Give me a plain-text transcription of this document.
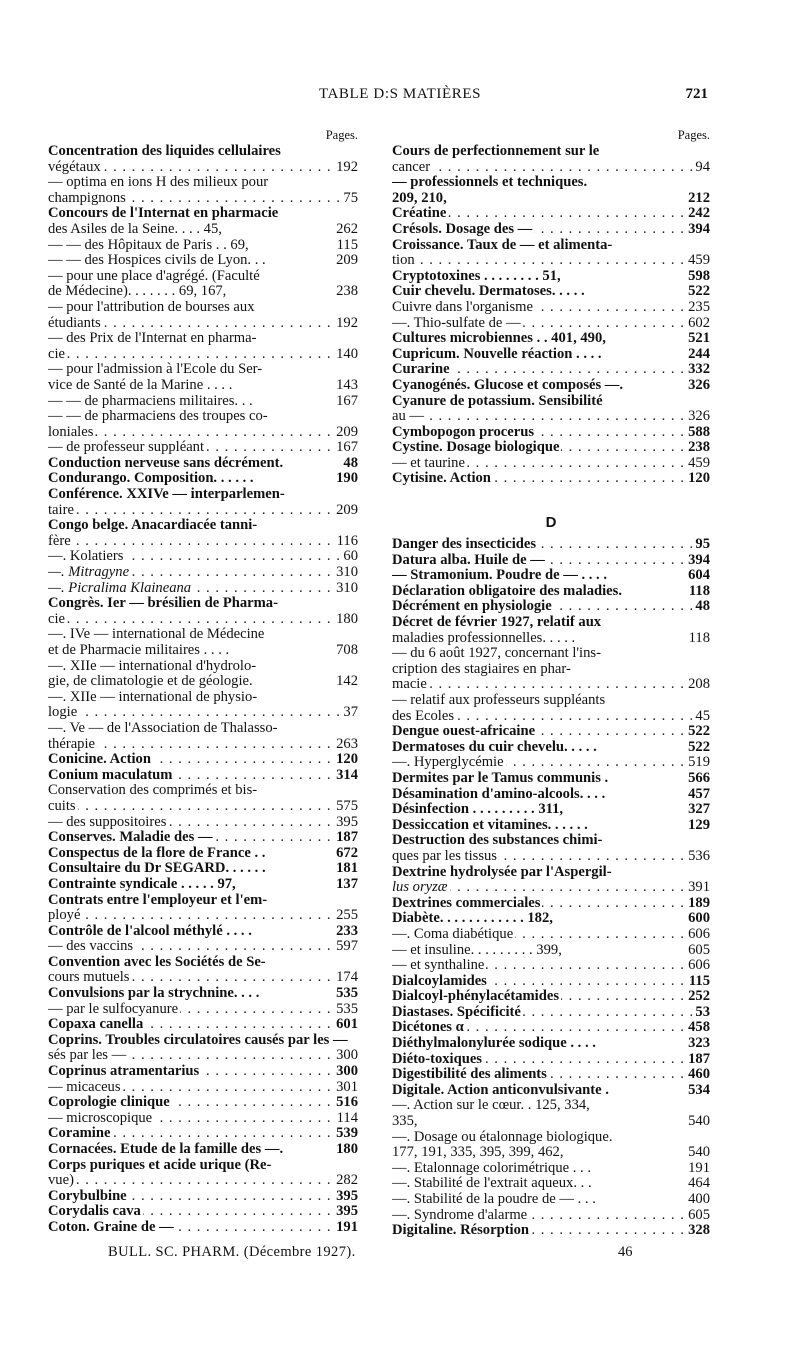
TABLE D:S MATIÈRES	721
Pages.
Concentration des liquides cellulaires
. . . végétaux	192
— optima en ions H des milieux pour
. . . champignons	75
Concours de l'Internat en pharmacie
des Asiles de la Seine. . . . 45,	262
— — des Hôpitaux de Paris . . 69,	115
— — des Hospices civils de Lyon. . .	209
— pour une place d'agrégé. (Faculté
de Médecine). . . . . . . 69, 167,	238
— pour l'attribution de bourses aux
. . . étudiants	192
— des Prix de l'Internat en pharma-
. . . cie	140
— pour l'admission à l'Ecole du Ser-
vice de Santé de la Marine . . . .	143
— — de pharmaciens militaires. . .	167
— — de pharmaciens des troupes co-
. . . loniales	209
. . . — de professeur suppléant	167
Conduction nerveuse sans décrément.	48
Condurango. Composition. . . . . .	190
Conférence. XXIVe — interparlemen-
. . . taire	209
Congo belge. Anacardiacée tanni-
. . . fère	116
. . . —. Kolatiers	60
. . . —. Mitragyne	310
. . . —. Picralima Klaineana	310
Congrès. Ier — brésilien de Pharma-
. . . cie	180
—. IVe — international de Médecine
et de Pharmacie militaires . . . .	708
—. XIIe — international d'hydrolo-
gie, de climatologie et de géologie.	142
—. XIIe — international de physio-
. . . logie	37
—. Ve — de l'Association de Thalasso-
. . . thérapie	263
. . . Conicine. Action	120
. . . Conium maculatum	314
Conservation des comprimés et bis-
. . . cuits	575
. . . — des suppositoires	395
. . . Conserves. Maladie des —	187
Conspectus de la flore de France . .	672
Consultaire du Dr SÉGARD. . . . . .	181
Contrainte syndicale . . . . . 97,	137
Contrats entre l'employeur et l'em-
. . . ployé	255
Contrôle de l'alcool méthylé . . . .	233
. . . — des vaccins	597
Convention avec les Sociétés de Se-
. . . cours mutuels	174
Convulsions par la strychnine. . . .	535
. . . — par le sulfocyanure	535
. . . Copaxa canella	601
Coprins. Troubles circulatoires causés par les —
. . . sés par les —	300
. . . Coprinus atramentarius	300
. . . — micaceus	301
. . . Coprologie clinique	516
. . . — microscopique	114
. . . Coramine	539
Cornacées. Etude de la famille des —.	180
Corps puriques et acide urique (Re-
. . . vue)	282
. . . Corybulbine	395
. . . Corydalis cava	395
. . . Coton. Graine de —	191
Pages.
Cours de perfectionnement sur le
. . . cancer	94
— professionnels et techniques.
209, 210,	212
. . . Créatine	242
. . . Crésols. Dosage des —	394
Croissance. Taux de — et alimenta-
. . . tion	459
Cryptotoxines . . . . . . . . 51,	598
Cuir chevelu. Dermatoses. . . . .	522
. . . Cuivre dans l'organisme	235
. . . —. Thio-sulfate de —	602
Cultures microbiennes . . 401, 490,	521
Cupricum. Nouvelle réaction . . . .	244
. . . Curarine	332
Cyanogénés. Glucose et composés —.	326
Cyanure de potassium. Sensibilité
. . . au —	326
. . . Cymbopogon procerus	588
. . . Cystine. Dosage biologique	238
. . . — et taurine	459
. . . Cytisine. Action	120
D
. . . Danger des insecticides	95
. . . Datura alba. Huile de —	394
— Stramonium. Poudre de — . . . .	604
Déclaration obligatoire des maladies.	118
. . . Décrément en physiologie	48
Décret de février 1927, relatif aux
maladies professionnelles. . . . .	118
— du 6 août 1927, concernant l'ins-
cription des stagiaires en phar-
. . . macie	208
— relatif aux professeurs suppléants
. . . des Ecoles	45
. . . Dengue ouest-africaine	522
Dermatoses du cuir chevelu. . . . .	522
. . . —. Hyperglycémie	519
Dermites par le Tamus communis .	566
Désamination d'amino-alcools. . . .	457
Désinfection . . . . . . . . . 311,	327
Dessiccation et vitamines. . . . . .	129
Destruction des substances chimi-
. . . ques par les tissus	536
Dextrine hydrolysée par l'Aspergil-
. . . lus oryzæ	391
. . . Dextrines commerciales	189
Diabète. . . . . . . . . . . . 182,	600
. . . —. Coma diabétique	606
— et insuline. . . . . . . . . 399,	605
. . . — et synthaline	606
. . . Dialcoylamides	115
. . . Dialcoyl-phénylacétamides	252
. . . Diastases. Spécificité	53
. . . Dicétones α	458
Diéthylmalonylurée sodique . . . .	323
. . . Diéto-toxiques	187
. . . Digestibilité des aliments	460
Digitale. Action anticonvulsivante .	534
—. Action sur le cœur. . 125, 334,
335,	540
—. Dosage ou étalonnage biologique.
177, 191, 335, 395, 399, 462,	540
—. Etalonnage colorimétrique . . .	191
—. Stabilité de l'extrait aqueux. . .	464
—. Stabilité de la poudre de — . . .	400
. . . —. Syndrome d'alarme	605
. . . Digitaline. Résorption	328
BULL. SC. PHARM. (Décembre 1927).	46
